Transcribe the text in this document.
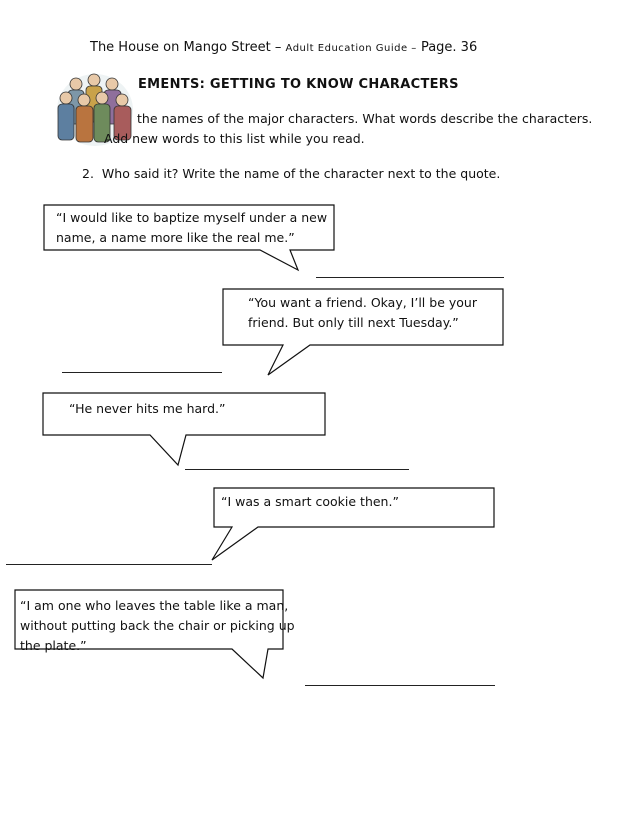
The House on Mango Street – Adult Education Guide – Page. 36
EMENTS: GETTING TO KNOW CHARACTERS
the names of the major characters. What words describe the characters.
Add new words to this list while you read.
2. Who said it? Write the name of the character next to the quote.
“I would like to baptize myself under a new
name, a name more like the real me.”
“You want a friend. Okay, I’ll be your
friend. But only till next Tuesday.”
“He never hits me hard.”
“I was a smart cookie then.”
“I am one who leaves the table like a man,
without putting back the chair or picking up
the plate.”
